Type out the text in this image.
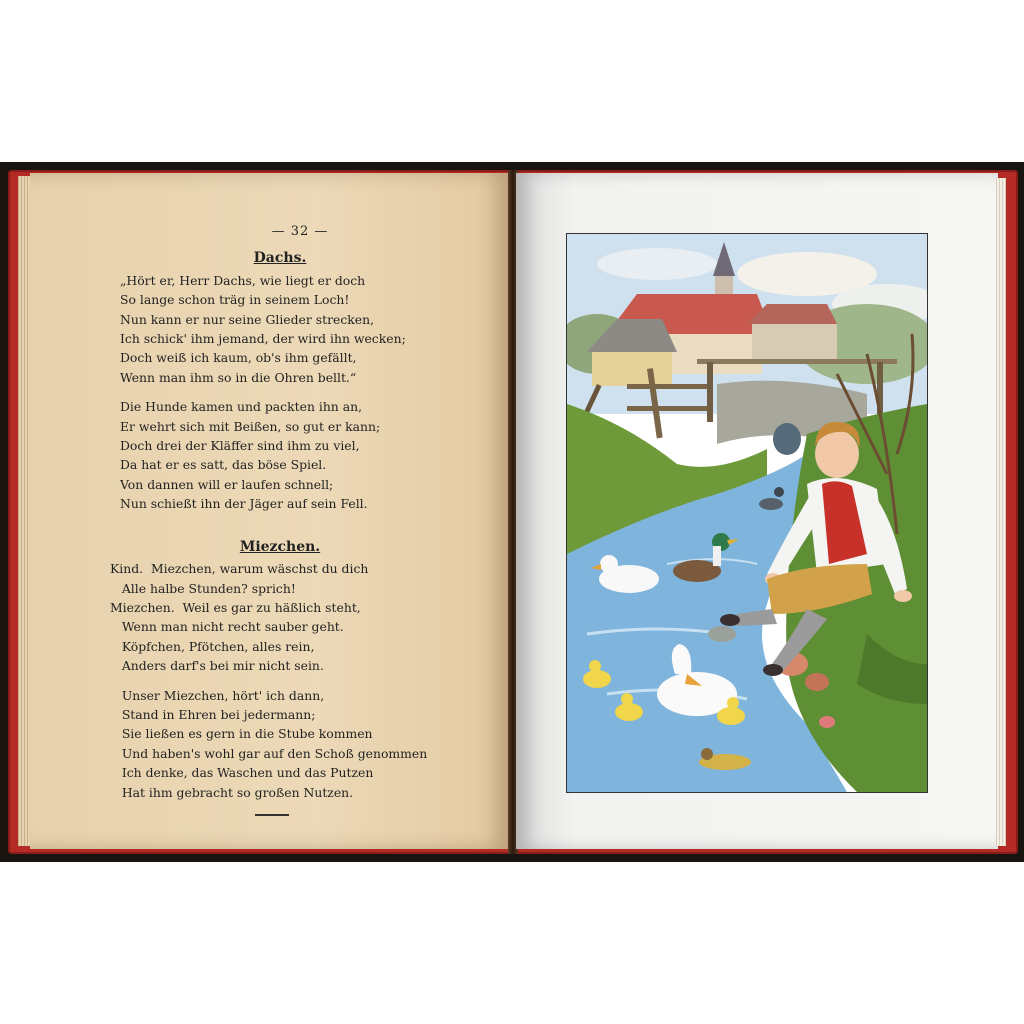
— 32 —
Dachs.
„Hört er, Herr Dachs, wie liegt er doch
So lange schon träg in seinem Loch!
Nun kann er nur seine Glieder strecken,
Ich schick' ihm jemand, der wird ihn wecken;
Doch weiß ich kaum, ob's ihm gefällt,
Wenn man ihm so in die Ohren bellt.“
Die Hunde kamen und packten ihn an,
Er wehrt sich mit Beißen, so gut er kann;
Doch drei der Kläffer sind ihm zu viel,
Da hat er es satt, das böse Spiel.
Von dannen will er laufen schnell;
Nun schießt ihn der Jäger auf sein Fell.
Miezchen.
Kind.  Miezchen, warum wäschst du dich
Alle halbe Stunden? sprich!
Miezchen.  Weil es gar zu häßlich steht,
Wenn man nicht recht sauber geht.
Köpfchen, Pfötchen, alles rein,
Anders darf's bei mir nicht sein.
Unser Miezchen, hört' ich dann,
Stand in Ehren bei jedermann;
Sie ließen es gern in die Stube kommen
Und haben's wohl gar auf den Schoß genommen
Ich denke, das Waschen und das Putzen
Hat ihm gebracht so großen Nutzen.
